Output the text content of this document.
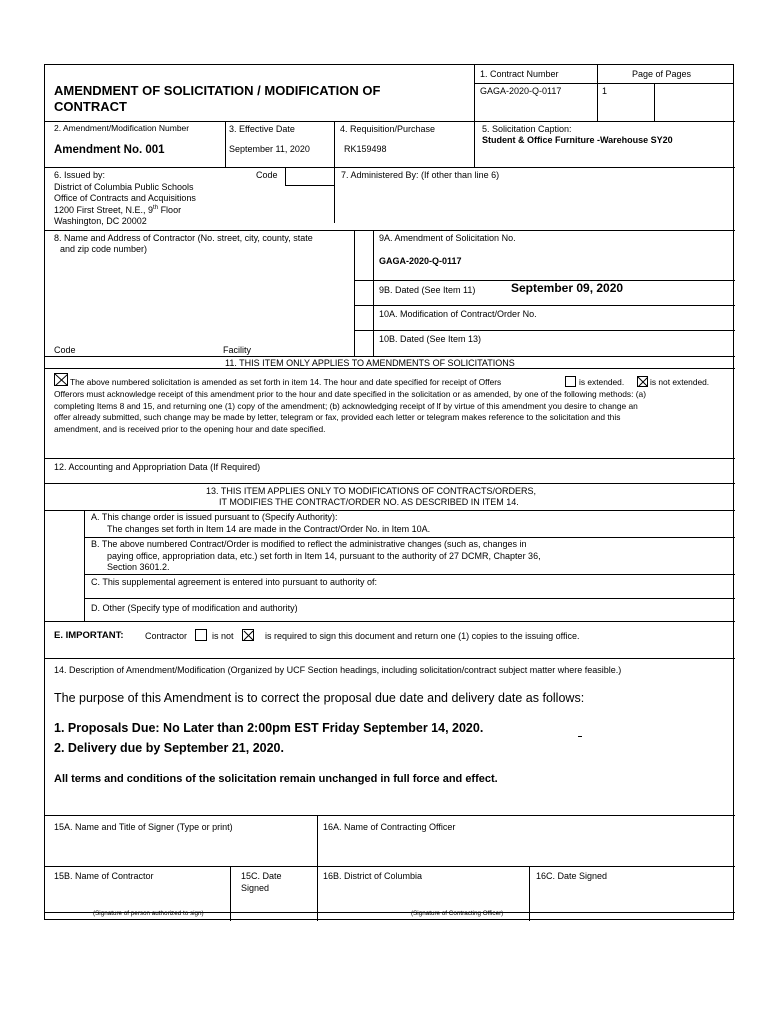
AMENDMENT OF SOLICITATION / MODIFICATION OF
CONTRACT
1. Contract Number
GAGA-2020-Q-0117
Page of Pages
1
2. Amendment/Modification Number
Amendment No. 001
3. Effective Date
September 11, 2020
4. Requisition/Purchase
RK159498
5. Solicitation Caption:
Student & Office Furniture -Warehouse SY20
6. Issued by:	Code
District of Columbia Public Schools
Office of Contracts and Acquisitions
1200 First Street, N.E., 9th Floor
Washington, DC 20002
7. Administered By: (If other than line 6)
8. Name and Address of Contractor (No. street, city, county, state
and zip code number)
Code	Facility
9A. Amendment of Solicitation No.
GAGA-2020-Q-0117
9B. Dated (See Item 11)	September 09, 2020
10A. Modification of Contract/Order No.
10B. Dated (See Item 13)
11. THIS ITEM ONLY APPLIES TO AMENDMENTS OF SOLICITATIONS
The above numbered solicitation is amended as set forth in item 14. The hour and date specified for receipt of Offers	is extended.	is not extended.
Offerors must acknowledge receipt of this amendment prior to the hour and date specified in the solicitation or as amended, by one of the following methods: (a)
completing Items 8 and 15, and returning one (1) copy of the amendment; (b) acknowledging receipt of lf by virtue of this amendment you desire to change an
offer already submitted, such change may be made by letter, telegram or fax, provided each letter or telegram makes reference to the solicitation and this
amendment, and is received prior to the opening hour and date specified.
12. Accounting and Appropriation Data (If Required)
13. THIS ITEM APPLIES ONLY TO MODIFICATIONS OF CONTRACTS/ORDERS,
IT MODIFIES THE CONTRACT/ORDER NO. AS DESCRIBED IN ITEM 14.
A. This change order is issued pursuant to (Specify Authority):
The changes set forth in Item 14 are made in the Contract/Order No. in Item 10A.
B. The above numbered Contract/Order is modified to reflect the administrative changes (such as, changes in
paying office, appropriation data, etc.) set forth in Item 14, pursuant to the authority of 27 DCMR, Chapter 36,
Section 3601.2.
C. This supplemental agreement is entered into pursuant to authority of:
D. Other (Specify type of modification and authority)
E. IMPORTANT: Contractor	is not	is required to sign this document and return one (1) copies to the issuing office.
14. Description of Amendment/Modification (Organized by UCF Section headings, including solicitation/contract subject matter where feasible.)
The purpose of this Amendment is to correct the proposal due date and delivery date as follows:
1. Proposals Due: No Later than 2:00pm EST Friday September 14, 2020.
2. Delivery due by September 21, 2020.
All terms and conditions of the solicitation remain unchanged in full force and effect.
15A. Name and Title of Signer (Type or print)	16A. Name of Contracting Officer
15B. Name of Contractor	15C. Date
Signed
16B. District of Columbia	16C. Date Signed
(Signature of person authorized to sign)	(Signature of Contracting Officer)
